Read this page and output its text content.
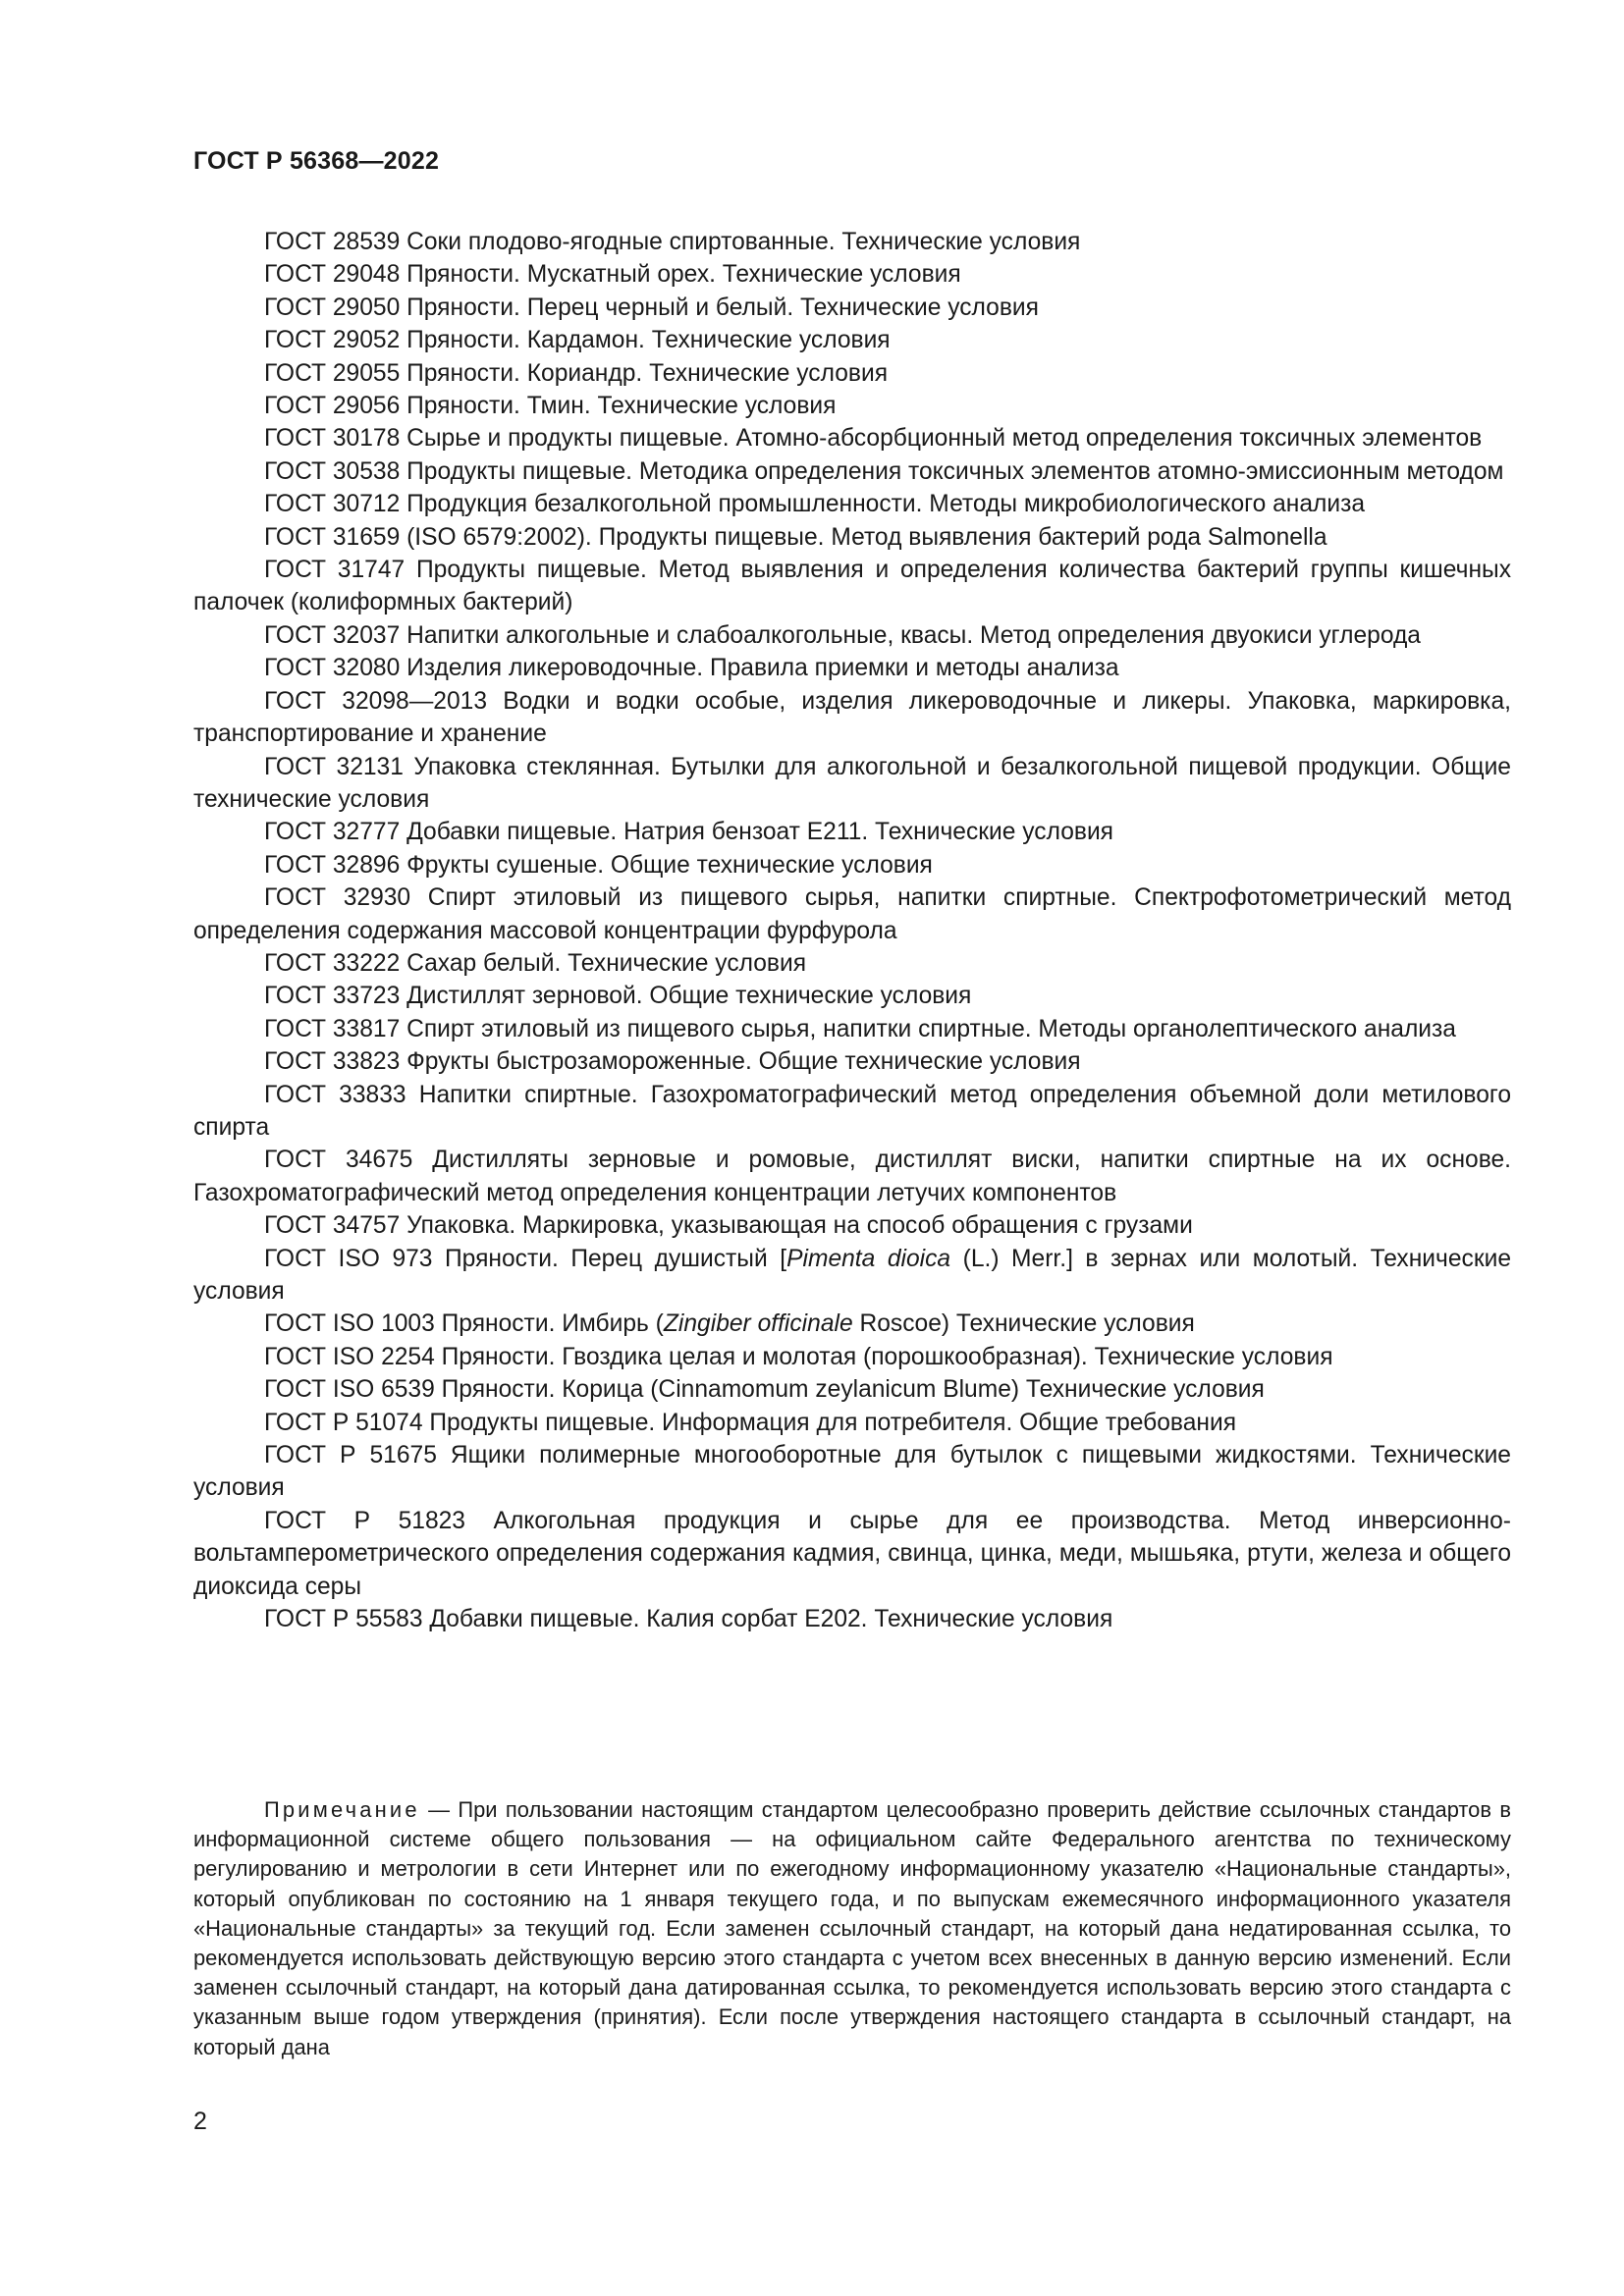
ГОСТ Р 56368—2022

ГОСТ 28539 Соки плодово-ягодные спиртованные. Технические условия

ГОСТ 29048 Пряности. Мускатный орех. Технические условия

ГОСТ 29050 Пряности. Перец черный и белый. Технические условия

ГОСТ 29052 Пряности. Кардамон. Технические условия

ГОСТ 29055 Пряности. Кориандр. Технические условия

ГОСТ 29056 Пряности. Тмин. Технические условия

ГОСТ 30178 Сырье и продукты пищевые. Атомно-абсорбционный метод определения токсичных элементов

ГОСТ 30538 Продукты пищевые. Методика определения токсичных элементов атомно-эмиссионным методом

ГОСТ 30712 Продукция безалкогольной промышленности. Методы микробиологического анализа

ГОСТ 31659 (ISO 6579:2002). Продукты пищевые. Метод выявления бактерий рода Salmonella

ГОСТ 31747 Продукты пищевые. Метод выявления и определения количества бактерий группы кишечных палочек (колиформных бактерий)

ГОСТ 32037 Напитки алкогольные и слабоалкогольные, квасы. Метод определения двуокиси углерода

ГОСТ 32080 Изделия ликероводочные. Правила приемки и методы анализа

ГОСТ 32098—2013 Водки и водки особые, изделия ликероводочные и ликеры. Упаковка, маркировка, транспортирование и хранение

ГОСТ 32131 Упаковка стеклянная. Бутылки для алкогольной и безалкогольной пищевой продукции. Общие технические условия

ГОСТ 32777 Добавки пищевые. Натрия бензоат Е211. Технические условия

ГОСТ 32896 Фрукты сушеные. Общие технические условия

ГОСТ 32930 Спирт этиловый из пищевого сырья, напитки спиртные. Спектрофотометрический метод определения содержания массовой концентрации фурфурола

ГОСТ 33222 Сахар белый. Технические условия

ГОСТ 33723 Дистиллят зерновой. Общие технические условия

ГОСТ 33817 Спирт этиловый из пищевого сырья, напитки спиртные. Методы органолептического анализа

ГОСТ 33823 Фрукты быстрозамороженные. Общие технические условия

ГОСТ 33833 Напитки спиртные. Газохроматографический метод определения объемной доли метилового спирта

ГОСТ 34675 Дистилляты зерновые и ромовые, дистиллят виски, напитки спиртные на их основе. Газохроматографический метод определения концентрации летучих компонентов

ГОСТ 34757 Упаковка. Маркировка, указывающая на способ обращения с грузами

ГОСТ ISO 973 Пряности. Перец душистый [Pimenta dioica (L.) Merr.] в зернах или молотый. Технические условия

ГОСТ ISO 1003 Пряности. Имбирь (Zingiber officinale Roscoe) Технические условия

ГОСТ ISO 2254 Пряности. Гвоздика целая и молотая (порошкообразная). Технические условия

ГОСТ ISO 6539 Пряности. Корица (Cinnamomum zeylanicum Blume) Технические условия

ГОСТ Р 51074 Продукты пищевые. Информация для потребителя. Общие требования

ГОСТ Р 51675 Ящики полимерные многооборотные для бутылок с пищевыми жидкостями. Технические условия

ГОСТ Р 51823 Алкогольная продукция и сырье для ее производства. Метод инверсионно-вольтамперометрического определения содержания кадмия, свинца, цинка, меди, мышьяка, ртути, железа и общего диоксида серы

ГОСТ Р 55583 Добавки пищевые. Калия сорбат Е202. Технические условия

Примечание — При пользовании настоящим стандартом целесообразно проверить действие ссылочных стандартов в информационной системе общего пользования — на официальном сайте Федерального агентства по техническому регулированию и метрологии в сети Интернет или по ежегодному информационному указателю «Национальные стандарты», который опубликован по состоянию на 1 января текущего года, и по выпускам ежемесячного информационного указателя «Национальные стандарты» за текущий год. Если заменен ссылочный стандарт, на который дана недатированная ссылка, то рекомендуется использовать действующую версию этого стандарта с учетом всех внесенных в данную версию изменений. Если заменен ссылочный стандарт, на который дана датированная ссылка, то рекомендуется использовать версию этого стандарта с указанным выше годом утверждения (принятия). Если после утверждения настоящего стандарта в ссылочный стандарт, на который дана
2
